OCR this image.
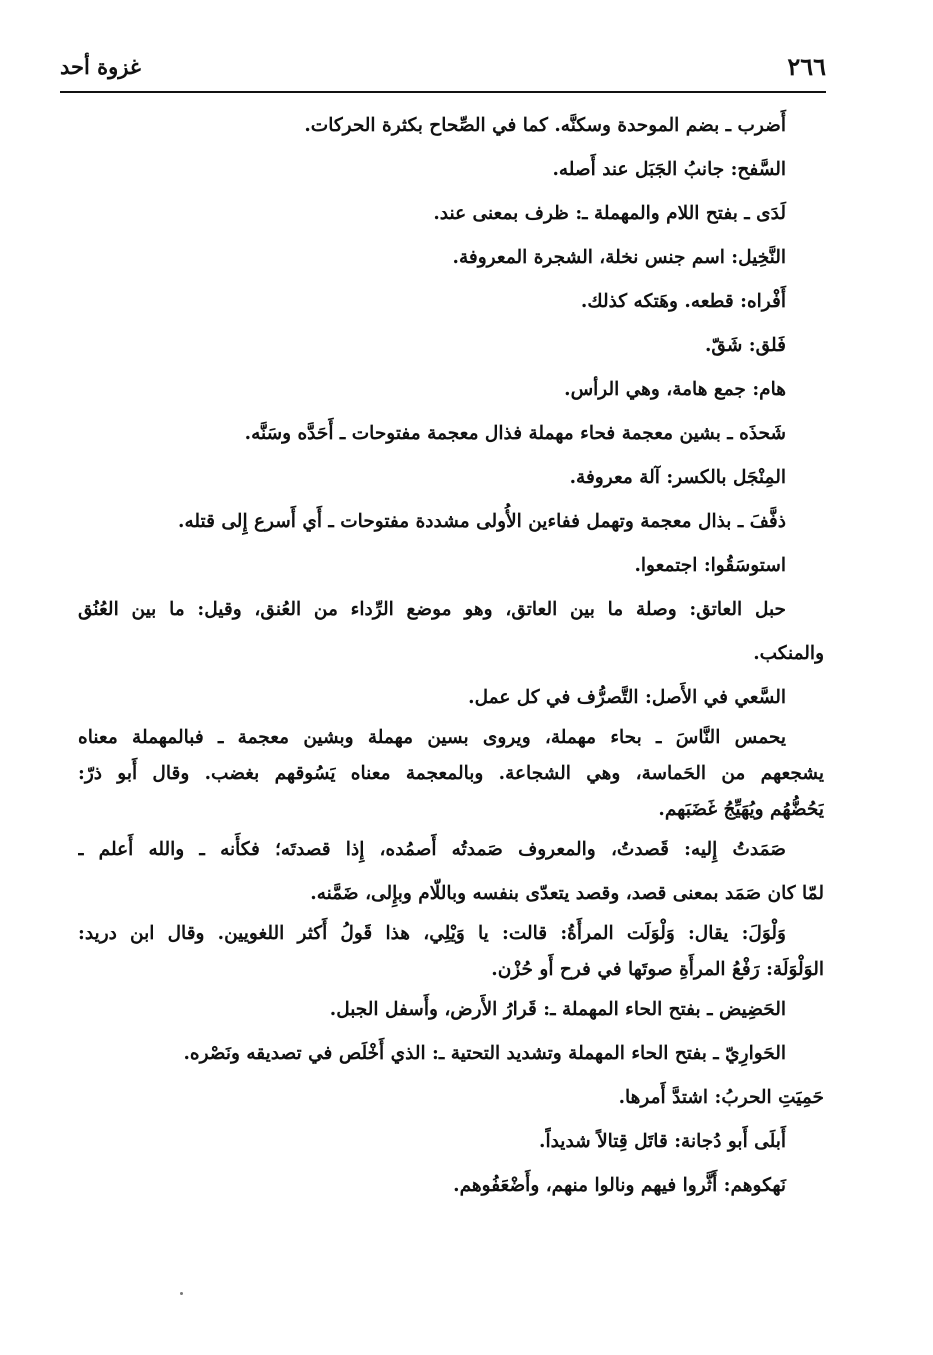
غزوة أحد	٢٦٦
أَضرب ـ بضم الموحدة وسكنَّه. كما في الصِّحاح بكثرة الحركات.
السَّفح: جانبُ الجَبَل عند أَصله.
لَدَى ـ بفتح اللام والمهملة ـ: ظرف بمعنى عند.
النَّخِيل: اسم جنس نخلة، الشجرة المعروفة.
أَفْراه: قطعه. وهَتكه كذلك.
فَلق: شَقّ.
هام: جمع هامة، وهي الرأس.
شَحذَه ـ بشين معجمة فحاء مهملة فذال معجمة مفتوحات ـ أَحَدَّه وسَنَّه.
المِنْجَل بالكسر: آلة معروفة.
ذفَّفَ ـ بذال معجمة وتهمل ففاءين الأُولى مشددة مفتوحات ـ أَي أَسرع إِلى قتله.
استوسَقُوا: اجتمعوا.
حبل العاتق: وصلة ما بين العاتق، وهو موضع الرِّداء من العُنق، وقيل: ما بين العُنُق
والمنكب.
السَّعي في الأَصل: التَّصرُّف في كل عمل.
يحمس النَّاسَ ـ بحاء مهملة، ويروى بسين مهملة وبشين معجمة ـ فبالمهملة معناه
يشجعهم من الحَماسة، وهي الشجاعة. وبالمعجمة معناه يَسُوقهم بغضب. وقال أَبو ذرّ:
يَحُضُّهُم ويُهَيِّجُ غَضَبَهم.
صَمَدتُ إِليه: قَصدتُ، والمعروف صَمدتُه أَصمُده، إِذا قصدتَه؛ فكأَنه ـ والله أَعلم ـ
لمّا كان صَمَد بمعنى قصد، وقصد يتعدّى بنفسه وباللّام وبإِلى، ضَمَّنه.
وَلْوَلَ: يقال: وَلْوَلَت المرأَةُ: قالت: يا وَيْلِي، هذا قَولُ أَكثر اللغويين. وقال ابن دريد:
الوَلْوَلَة: رَفْعُ المرأَةِ صوتَها في فرح أَو حُزْن.
الحَضِيض ـ بفتح الحاء المهملة ـ: قَرارُ الأَرض، وأَسفل الجبل.
الحَوارِيّ ـ بفتح الحاء المهملة وتشديد التحتية ـ: الذي أَخْلَص في تصديقه ونَصْره.
حَمِيَتِ الحربُ: اشتدَّ أَمرها.
أَبلَى أَبو دُجانة: قاتَل قِتالاً شديداً.
نَهكوهم: أَثَّروا فيهم ونالوا منهم، وأَضْعَفُوهم.
